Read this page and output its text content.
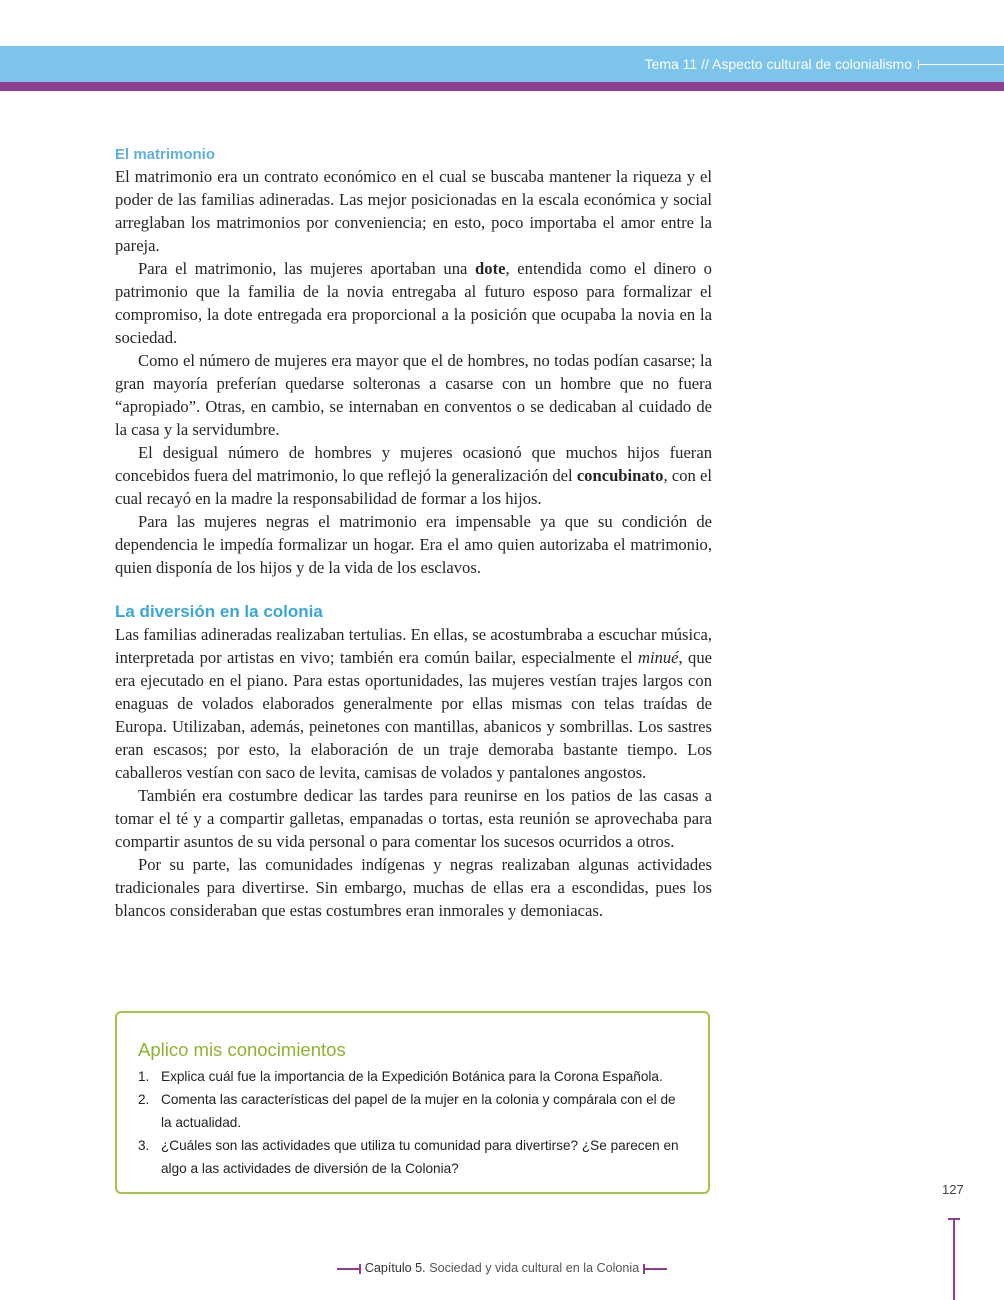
Tema 11 // Aspecto cultural de colonialismo
El matrimonio

El matrimonio era un contrato económico en el cual se buscaba mantener la riqueza y el poder de las familias adineradas. Las mejor posicionadas en la escala económica y social arreglaban los matrimonios por conveniencia; en esto, poco importaba el amor entre la pareja.

Para el matrimonio, las mujeres aportaban una dote, entendida como el dinero o patrimonio que la familia de la novia entregaba al futuro esposo para formalizar el compromiso, la dote entregada era proporcional a la posición que ocupaba la novia en la sociedad.

Como el número de mujeres era mayor que el de hombres, no todas podían casarse; la gran mayoría preferían quedarse solteronas a casarse con un hombre que no fuera “apropiado”. Otras, en cambio, se internaban en conventos o se dedicaban al cuidado de la casa y la servidumbre.

El desigual número de hombres y mujeres ocasionó que muchos hijos fueran concebidos fuera del matrimonio, lo que reflejó la generalización del concubinato, con el cual recayó en la madre la responsabilidad de formar a los hijos.

Para las mujeres negras el matrimonio era impensable ya que su condición de dependencia le impedía formalizar un hogar. Era el amo quien autorizaba el matrimonio, quien disponía de los hijos y de la vida de los esclavos.

La diversión en la colonia

Las familias adineradas realizaban tertulias. En ellas, se acostumbraba a escuchar música, interpretada por artistas en vivo; también era común bailar, especialmente el minué, que era ejecutado en el piano. Para estas oportunidades, las mujeres vestían trajes largos con enaguas de volados elaborados generalmente por ellas mismas con telas traídas de Europa. Utilizaban, además, peinetones con mantillas, abanicos y sombrillas. Los sastres eran escasos; por esto, la elaboración de un traje demoraba bastante tiempo. Los caballeros vestían con saco de levita, camisas de volados y pantalones angostos.

También era costumbre dedicar las tardes para reunirse en los patios de las casas a tomar el té y a compartir galletas, empanadas o tortas, esta reunión se aprovechaba para compartir asuntos de su vida personal o para comentar los sucesos ocurridos a otros.

Por su parte, las comunidades indígenas y negras realizaban algunas actividades tradicionales para divertirse. Sin embargo, muchas de ellas era a escondidas, pues los blancos consideraban que estas costumbres eran inmorales y demoniacas.

Aplico mis conocimientos
1. Explica cuál fue la importancia de la Expedición Botánica para la Corona Española.
2. Comenta las características del papel de la mujer en la colonia y compárala con el de la actualidad.
3. ¿Cuáles son las actividades que utiliza tu comunidad para divertirse? ¿Se parecen en algo a las actividades de diversión de la Colonia?
127
Capítulo 5. Sociedad y vida cultural en la Colonia
